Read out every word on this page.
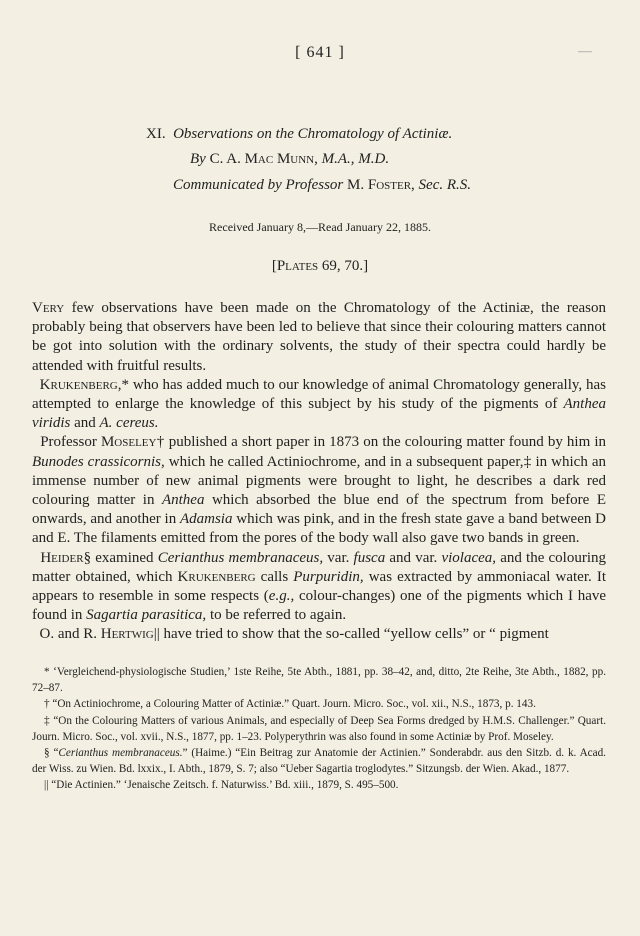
[ 641 ]	—
XI. Observations on the Chromatology of Actiniæ.
By C. A. Mac Munn, M.A., M.D.
Communicated by Professor M. Foster, Sec. R.S.
Received January 8,—Read January 22, 1885.
[Plates 69, 70.]

Very few observations have been made on the Chromatology of the Actiniæ, the reason probably being that observers have been led to believe that since their colouring matters cannot be got into solution with the ordinary solvents, the study of their spectra could hardly be attended with fruitful results.

Krukenberg,* who has added much to our knowledge of animal Chromatology generally, has attempted to enlarge the knowledge of this subject by his study of the pigments of Anthea viridis and A. cereus.

Professor Moseley† published a short paper in 1873 on the colouring matter found by him in Bunodes crassicornis, which he called Actiniochrome, and in a subsequent paper,‡ in which an immense number of new animal pigments were brought to light, he describes a dark red colouring matter in Anthea which absorbed the blue end of the spectrum from before E onwards, and another in Adamsia which was pink, and in the fresh state gave a band between D and E. The filaments emitted from the pores of the body wall also gave two bands in green.

Heider§ examined Cerianthus membranaceus, var. fusca and var. violacea, and the colouring matter obtained, which Krukenberg calls Purpuridin, was extracted by ammoniacal water. It appears to resemble in some respects (e.g., colour-changes) one of the pigments which I have found in Sagartia parasitica, to be referred to again.

O. and R. Hertwig|| have tried to show that the so-called “yellow cells” or “ pigment

* ‘Vergleichend-physiologische Studien,’ 1ste Reihe, 5te Abth., 1881, pp. 38–42, and, ditto, 2te Reihe, 3te Abth., 1882, pp. 72–87.

† “On Actiniochrome, a Colouring Matter of Actiniæ.” Quart. Journ. Micro. Soc., vol. xii., N.S., 1873, p. 143.

‡ “On the Colouring Matters of various Animals, and especially of Deep Sea Forms dredged by H.M.S. Challenger.” Quart. Journ. Micro. Soc., vol. xvii., N.S., 1877, pp. 1–23. Polyperythrin was also found in some Actiniæ by Prof. Moseley.

§ “Cerianthus membranaceus.” (Haime.) “Ein Beitrag zur Anatomie der Actinien.” Sonderabdr. aus den Sitzb. d. k. Acad. der Wiss. zu Wien. Bd. lxxix., I. Abth., 1879, S. 7; also “Ueber Sagartia troglodytes.” Sitzungsb. der Wien. Akad., 1877.

|| “Die Actinien.” ‘Jenaische Zeitsch. f. Naturwiss.’ Bd. xiii., 1879, S. 495–500.
